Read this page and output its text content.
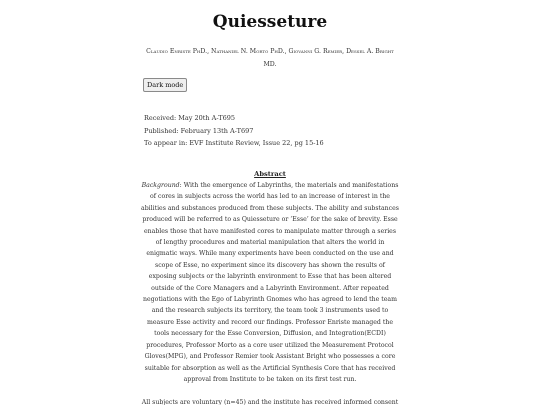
Quiesseture

Claudio Enriste PhD., Nathaniel N. Morto PhD., Giovanni G. Remier, Dessel A. Bright MD.

Dark mode
Received: May 20th A-T695
Published: February 13th A-T697
To appear in: EVF Institute Review, Issue 22, pg 15-16
Abstract
Background: With the emergence of Labyrinths, the materials and manifestations of cores in subjects across the world has led to an increase of interest in the abilities and substances produced from these subjects. The ability and substances produced will be referred to as Quiesseture or ‘Esse’ for the sake of brevity. Esse enables those that have manifested cores to manipulate matter through a series of lengthy procedures and material manipulation that alters the world in enigmatic ways. While many experiments have been conducted on the use and scope of Esse, no experiment since its discovery has shown the results of exposing subjects or the labyrinth environment to Esse that has been altered outside of the Core Managers and a Labyrinth Environment. After repeated negotiations with the Ego of Labyrinth Gnomes who has agreed to lend the team and the research subjects its territory, the team took 3 instruments used to measure Esse activity and record our findings. Professor Enriste managed the tools necessary for the Esse Conversion, Diffusion, and Integration(ECDI) procedures, Professor Morto as a core user utilized the Measurement Protocol Gloves(MPG), and Professor Remier took Assistant Bright who possesses a core suitable for absorption as well as the Artificial Synthesis Core that has received approval from Institute to be taken on its first test run.
All subjects are voluntary (n=45) and the institute has received informed consent
